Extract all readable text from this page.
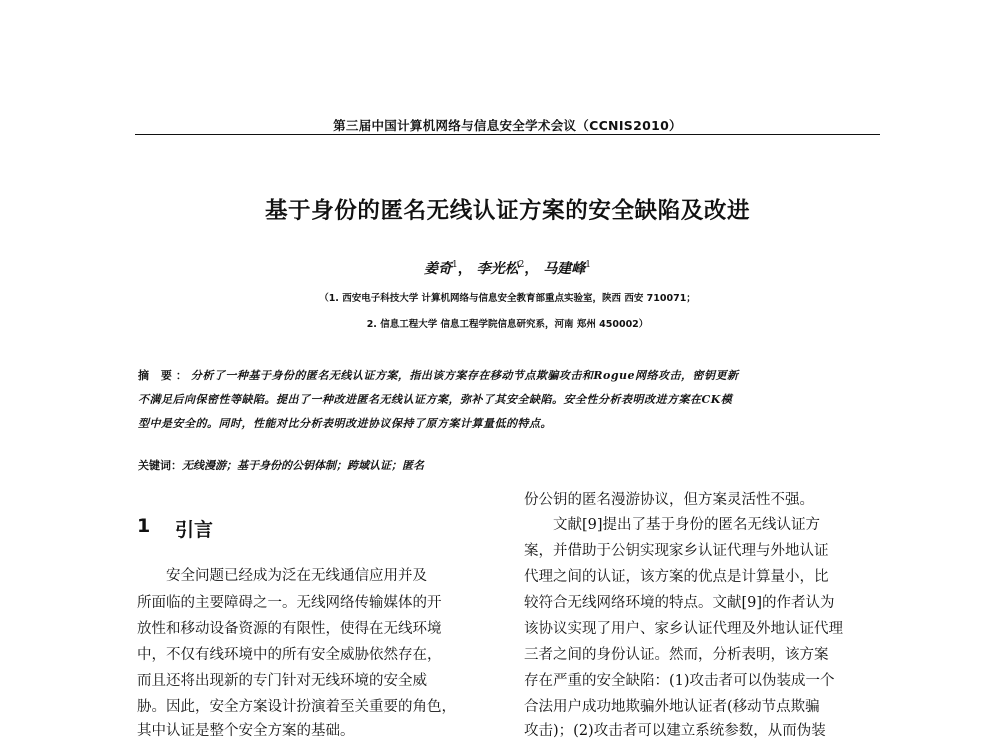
第三届中国计算机网络与信息安全学术会议（CCNIS2010）
基于身份的匿名无线认证方案的安全缺陷及改进
姜奇$^1$， 李光松$^2$， 马建峰$^1$
（1. 西安电子科技大学 计算机网络与信息安全教育部重点实验室，陕西 西安 710071；
2. 信息工程大学 信息工程学院信息研究系，河南 郑州 450002）
摘 要：分析了一种基于身份的匿名无线认证方案，指出该方案存在移动节点欺骗攻击和Rogue网络攻击，密钥更新
不满足后向保密性等缺陷。提出了一种改进匿名无线认证方案，弥补了其安全缺陷。安全性分析表明改进方案在CK模
型中是安全的。同时，性能对比分析表明改进协议保持了原方案计算量低的特点。
关键词：无线漫游；基于身份的公钥体制；跨域认证；匿名
1 引言
　　安全问题已经成为泛在无线通信应用并及
所面临的主要障碍之一。无线网络传输媒体的开
放性和移动设备资源的有限性，使得在无线环境
中，不仅有线环境中的所有安全威胁依然存在，
而且还将出现新的专门针对无线环境的安全威
胁。因此，安全方案设计扮演着至关重要的角色，
其中认证是整个安全方案的基础。
份公钥的匿名漫游协议，但方案灵活性不强。
　　文献[9]提出了基于身份的匿名无线认证方
案，并借助于公钥实现家乡认证代理与外地认证
代理之间的认证，该方案的优点是计算量小，比
较符合无线网络环境的特点。文献[9]的作者认为
该协议实现了用户、家乡认证代理及外地认证代理
三者之间的身份认证。然而，分析表明，该方案
存在严重的安全缺陷：(1)攻击者可以伪装成一个
合法用户成功地欺骗外地认证者(移动节点欺骗
攻击)；(2)攻击者可以建立系统参数，从而伪装
